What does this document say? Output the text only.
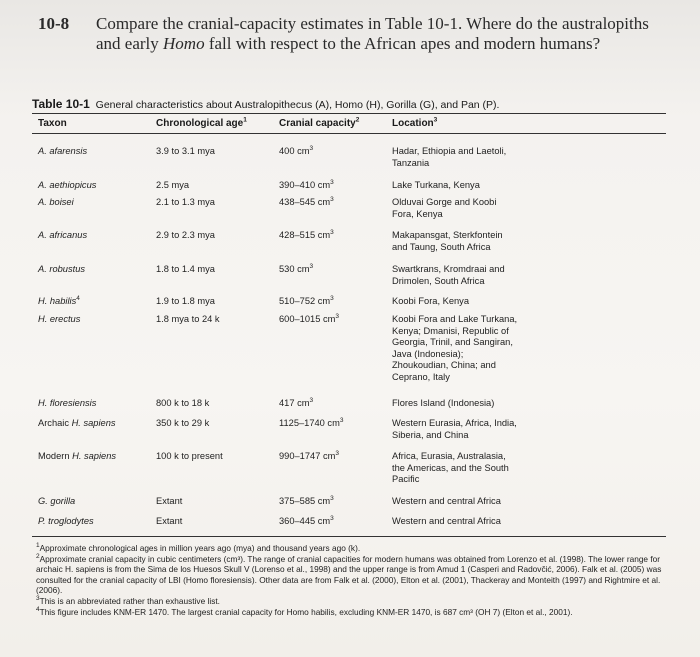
10-8 Compare the cranial-capacity estimates in Table 10-1. Where do the australopiths and early Homo fall with respect to the African apes and modern humans?
Table 10-1 General characteristics about Australopithecus (A), Homo (H), Gorilla (G), and Pan (P).
Taxon	Chronological age$^1$	Cranial capacity$^2$	Location$^3$
A. afarensis	3.9 to 3.1 mya	400 $cm^3$	Hadar, Ethiopia and Laetoli, Tanzania
A. aethiopicus	2.5 mya	390–410 $cm^3$	Lake Turkana, Kenya
A. boisei	2.1 to 1.3 mya	438–545 $cm^3$	Olduvai Gorge and Koobi Fora, Kenya
A. africanus	2.9 to 2.3 mya	428–515 $cm^3$	Makapansgat, Sterkfontein and Taung, South Africa
A. robustus	1.8 to 1.4 mya	530 $cm^3$	Swartkrans, Kromdraai and Drimolen, South Africa
H. habilis$^4$	1.9 to 1.8 mya	510–752 $cm^3$	Koobi Fora, Kenya
H. erectus	1.8 mya to 24 k	600–1015 $cm^3$	Koobi Fora and Lake Turkana, Kenya; Dmanisi, Republic of Georgia, Trinil, and Sangiran, Java (Indonesia); Zhoukoudian, China; and Ceprano, Italy
H. floresiensis	800 k to 18 k	417 $cm^3$	Flores Island (Indonesia)
Archaic H. sapiens	350 k to 29 k	1125–1740 $cm^3$	Western Eurasia, Africa, India, Siberia, and China
Modern H. sapiens	100 k to present	990–1747 $cm^3$	Africa, Eurasia, Australasia, the Americas, and the South Pacific
G. gorilla	Extant	375–585 $cm^3$	Western and central Africa
P. troglodytes	Extant	360–445 $cm^3$	Western and central Africa

$^1$Approximate chronological ages in million years ago (mya) and thousand years ago (k).

$^2$Approximate cranial capacity in cubic centimeters (cm³). The range of cranial capacities for modern humans was obtained from Lorenzo et al. (1998). The lower range for archaic H. sapiens is from the Sima de los Huesos Skull V (Lorenso et al., 1998) and the upper range is from Amud 1 (Casperi and Radovčić, 2006). Falk et al. (2005) was consulted for the cranial capacity of LBI (Homo floresiensis). Other data are from Falk et al. (2000), Elton et al. (2001), Thackeray and Monteith (1997) and Rightmire et al. (2006).

$^3$This is an abbreviated rather than exhaustive list.

$^4$This figure includes KNM-ER 1470. The largest cranial capacity for Homo habilis, excluding KNM-ER 1470, is 687 cm³ (OH 7) (Elton et al., 2001).
